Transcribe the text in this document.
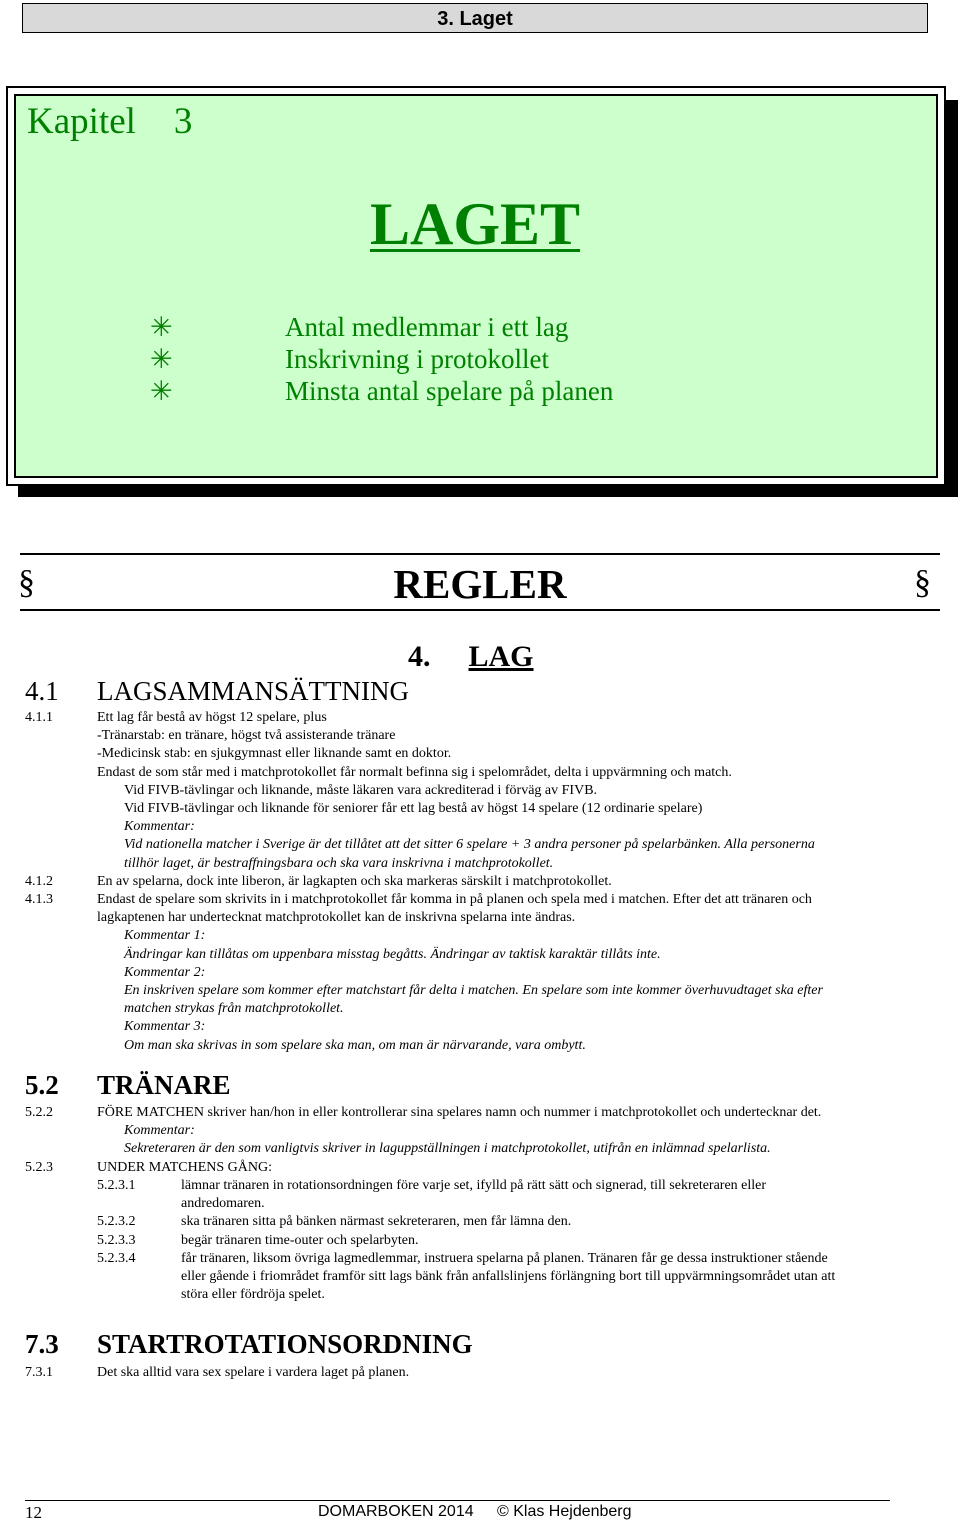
3. Laget
Kapitel 3
LAGET
✳	Antal medlemmar i ett lag
✳	Inskrivning i protokollet
✳	Minsta antal spelare på planen
§	§
REGLER
4. LAG
4.1 LAGSAMMANSÄTTNING
4.1.1	Ett lag får bestå av högst 12 spelare, plus
-Tränarstab: en tränare, högst två assisterande tränare
-Medicinsk stab: en sjukgymnast eller liknande samt en doktor.
Endast de som står med i matchprotokollet får normalt befinna sig i spelområdet, delta i uppvärmning och match.
Vid FIVB-tävlingar och liknande, måste läkaren vara ackrediterad i förväg av FIVB.
Vid FIVB-tävlingar och liknande för seniorer får ett lag bestå av högst 14 spelare (12 ordinarie spelare)
Kommentar:
Vid nationella matcher i Sverige är det tillåtet att det sitter 6 spelare + 3 andra personer på spelarbänken. Alla personerna
tillhör laget, är bestraffningsbara och ska vara inskrivna i matchprotokollet.
4.1.2	En av spelarna, dock inte liberon, är lagkapten och ska markeras särskilt i matchprotokollet.
4.1.3	Endast de spelare som skrivits in i matchprotokollet får komma in på planen och spela med i matchen. Efter det att tränaren och
lagkaptenen har undertecknat matchprotokollet kan de inskrivna spelarna inte ändras.
Kommentar 1:
Ändringar kan tillåtas om uppenbara misstag begåtts. Ändringar av taktisk karaktär tillåts inte.
Kommentar 2:
En inskriven spelare som kommer efter matchstart får delta i matchen. En spelare som inte kommer överhuvudtaget ska efter
matchen strykas från matchprotokollet.
Kommentar 3:
Om man ska skrivas in som spelare ska man, om man är närvarande, vara ombytt.
5.2 TRÄNARE
5.2.2	FÖRE MATCHEN skriver han/hon in eller kontrollerar sina spelares namn och nummer i matchprotokollet och undertecknar det.
Kommentar:
Sekreteraren är den som vanligtvis skriver in laguppställningen i matchprotokollet, utifrån en inlämnad spelarlista.
5.2.3	UNDER MATCHENS GÅNG:
5.2.3.1	lämnar tränaren in rotationsordningen före varje set, ifylld på rätt sätt och signerad, till sekreteraren eller
andredomaren.
5.2.3.2	ska tränaren sitta på bänken närmast sekreteraren, men får lämna den.
5.2.3.3	begär tränaren time-outer och spelarbyten.
5.2.3.4	får tränaren, liksom övriga lagmedlemmar, instruera spelarna på planen. Tränaren får ge dessa instruktioner stående
eller gående i friområdet framför sitt lags bänk från anfallslinjens förlängning bort till uppvärmningsområdet utan att
störa eller fördröja spelet.
7.3 STARTROTATIONSORDNING
7.3.1	Det ska alltid vara sex spelare i vardera laget på planen.
12	DOMARBOKEN 2014 © Klas Hejdenberg
